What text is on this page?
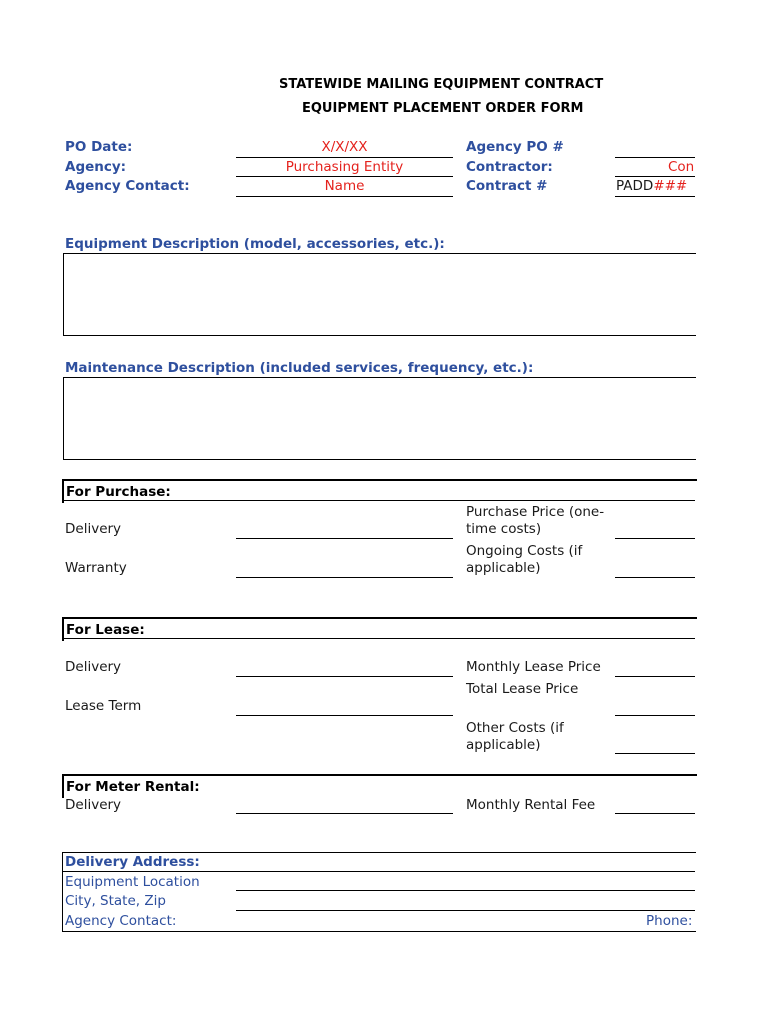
STATEWIDE MAILING EQUIPMENT CONTRACT
EQUIPMENT PLACEMENT ORDER FORM
PO Date:
Agency:
Agency Contact:
X/X/XX
Purchasing Entity
Name
Agency PO #
Contractor:
Contract #
Con
PADD###
Equipment Description (model, accessories, etc.):
Maintenance Description (included services, frequency, etc.):
For Purchase:
Delivery
Warranty
Purchase Price (one-time costs)
Ongoing Costs (if applicable)
For Lease:
Delivery
Lease Term
Monthly Lease Price
Total Lease Price
Other Costs (if applicable)
For Meter Rental:
Delivery	Monthly Rental Fee
Delivery Address:
Equipment Location
City, State, Zip
Agency Contact:	Phone:
